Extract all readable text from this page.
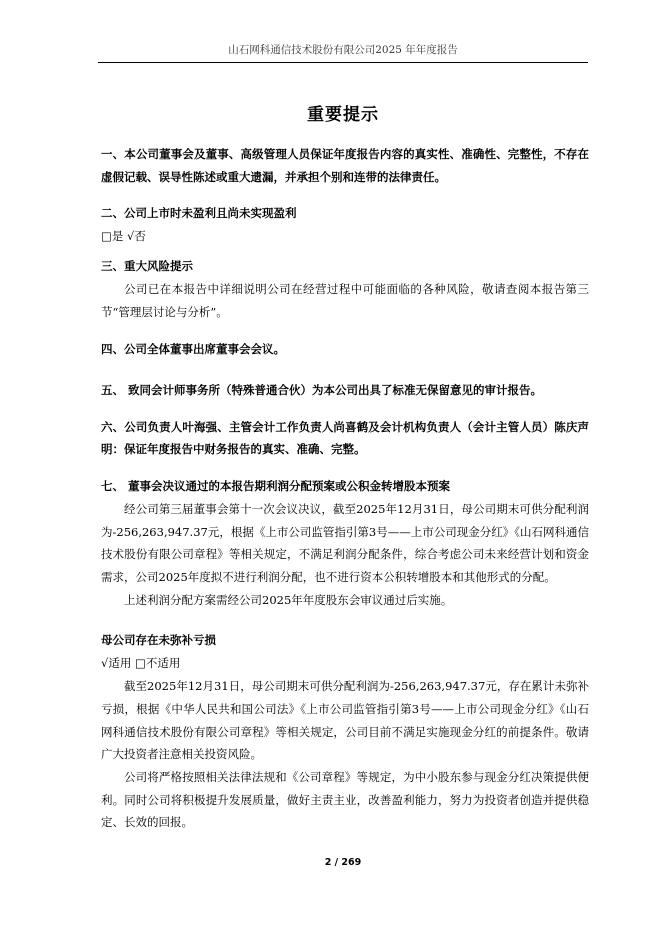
山石网科通信技术股份有限公司2025 年年度报告
重要提示
一、本公司董事会及董事、高级管理人员保证年度报告内容的真实性、准确性、完整性，不存在虚假记载、误导性陈述或重大遗漏，并承担个别和连带的法律责任。
二、公司上市时未盈利且尚未实现盈利
□是 √否
三、重大风险提示
公司已在本报告中详细说明公司在经营过程中可能面临的各种风险，敬请查阅本报告第三节“管理层讨论与分析”。
四、公司全体董事出席董事会会议。
五、 致同会计师事务所（特殊普通合伙）为本公司出具了标准无保留意见的审计报告。
六、公司负责人叶海强、主管会计工作负责人尚喜鹤及会计机构负责人（会计主管人员）陈庆声明：保证年度报告中财务报告的真实、准确、完整。
七、 董事会决议通过的本报告期利润分配预案或公积金转增股本预案
经公司第三届董事会第十一次会议决议，截至2025年12月31日，母公司期末可供分配利润为-256,263,947.37元，根据《上市公司监管指引第3号——上市公司现金分红》《山石网科通信技术股份有限公司章程》等相关规定，不满足利润分配条件，综合考虑公司未来经营计划和资金需求，公司2025年度拟不进行利润分配，也不进行资本公积转增股本和其他形式的分配。
上述利润分配方案需经公司2025年年度股东会审议通过后实施。
母公司存在未弥补亏损
√适用 □不适用
截至2025年12月31日，母公司期末可供分配利润为-256,263,947.37元，存在累计未弥补亏损，根据《中华人民共和国公司法》《上市公司监管指引第3号——上市公司现金分红》《山石网科通信技术股份有限公司章程》等相关规定，公司目前不满足实施现金分红的前提条件。敬请广大投资者注意相关投资风险。
公司将严格按照相关法律法规和《公司章程》等规定，为中小股东参与现金分红决策提供便利。同时公司将积极提升发展质量，做好主责主业，改善盈利能力，努力为投资者创造并提供稳定、长效的回报。
2 / 269
